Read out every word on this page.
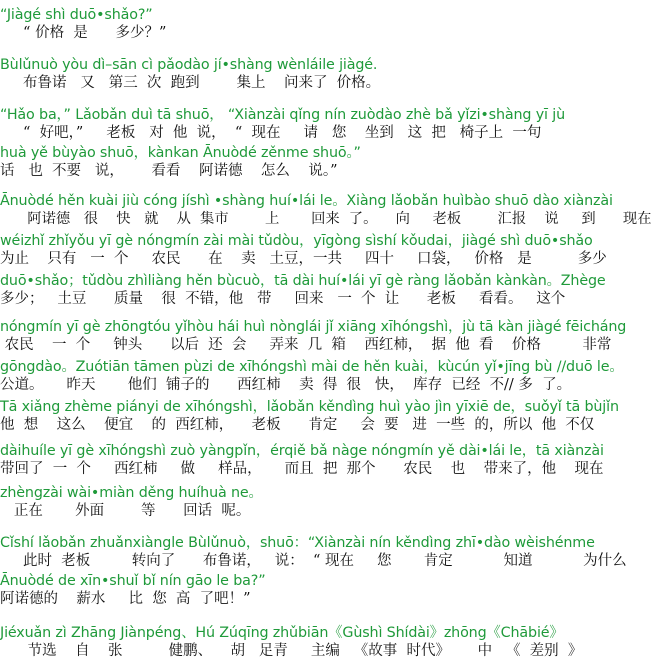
“Jiàgé shì duō•shǎo?”
“ 价格  是      多少？”
Bùlǔnuò yòu dì–sān cì pǎodào jí•shàng wènláile jiàgé.
布鲁诺   又   第三  次  跑到        集上    问来了  价格。
“Hǎo ba，” Lǎobǎn duì tā shuō， “Xiànzài qǐng nín zuòdào zhè bǎ yǐzi•shàng yī jù
“  好吧，”     老板   对  他  说，  “  现在     请   您    坐到   这  把   椅子上  一句
huà yě bùyào shuō，kànkan Ānuòdé zěnme shuō。”
话   也  不要   说，      看看    阿诺德    怎么    说。”
Ānuòdé hěn kuài jiù cóng jíshì •shàng huí•lái le。Xiàng lǎobǎn huìbào shuō dào xiànzài
阿诺德   很    快   就    从  集市        上       回来  了。    向     老板        汇报    说     到      现在
wéizhǐ zhǐyǒu yī gè nóngmín zài mài tǔdòu，yīgòng sìshí kǒudai，jiàgé shì duō•shǎo
为止    只有   一  个     农民      在    卖   土豆，一共     四十     口袋，   价格   是          多少
duō•shǎo；tǔdòu zhìliàng hěn bùcuò，tā dài huí•lái yī gè ràng lǎobǎn kànkàn。Zhège
多少；   土豆      质量    很  不错，他   带     回来   一  个  让      老板     看看。   这个
nóngmín yī gè zhōngtóu yǐhòu hái huì nònglái jǐ xiāng xīhóngshì，jù tā kàn jiàgé fēicháng
农民    一  个     钟头      以后  还  会     弄来  几  箱    西红柿，  据  他  看    价格         非常
gōngdào。Zuótiān tāmen pùzi de xīhóngshì mài de hěn kuài，kùcún yǐ•jīng bù //duō le。
公道。     昨天       他们  铺子的      西红柿    卖  得  很   快，  库存  已经  不// 多  了。
Tā xiǎng zhème piányi de xīhóngshì，lǎobǎn kěndìng huì yào jìn yīxiē de，suǒyǐ tā bùjǐn
他  想    这么    便宜    的  西红柿，    老板      肯定     会  要   进  一些  的，所以  他  不仅
dàihuíle yī gè xīhóngshì zuò yàngpǐn，érqiě bǎ nàge nóngmín yě dài•lái le，tā xiànzài
带回了  一  个     西红柿     做     样品，     而且  把  那个      农民    也    带来了，他    现在
zhèngzài wài•miàn děng huíhuà ne。
正在       外面        等      回话  呢。
Cǐshí lǎobǎn zhuǎnxiàngle Bùlǔnuò，shuō：“Xiànzài nín kěndìng zhī•dào wèishénme
此时  老板         转向了      布鲁诺，   说：  “ 现在     您       肯定           知道           为什么
Ānuòdé de xīn•shuǐ bǐ nín gāo le ba?”
阿诺德的    薪水     比  您  高  了吧！”
Jiéxuǎn zì Zhāng Jiànpéng、Hú Zúqīng zhǔbiān《Gùshì Shídài》zhōng《Chābié》
节选    自    张          健鹏、    胡   足青     主编   《故事  时代》      中   《  差别  》
